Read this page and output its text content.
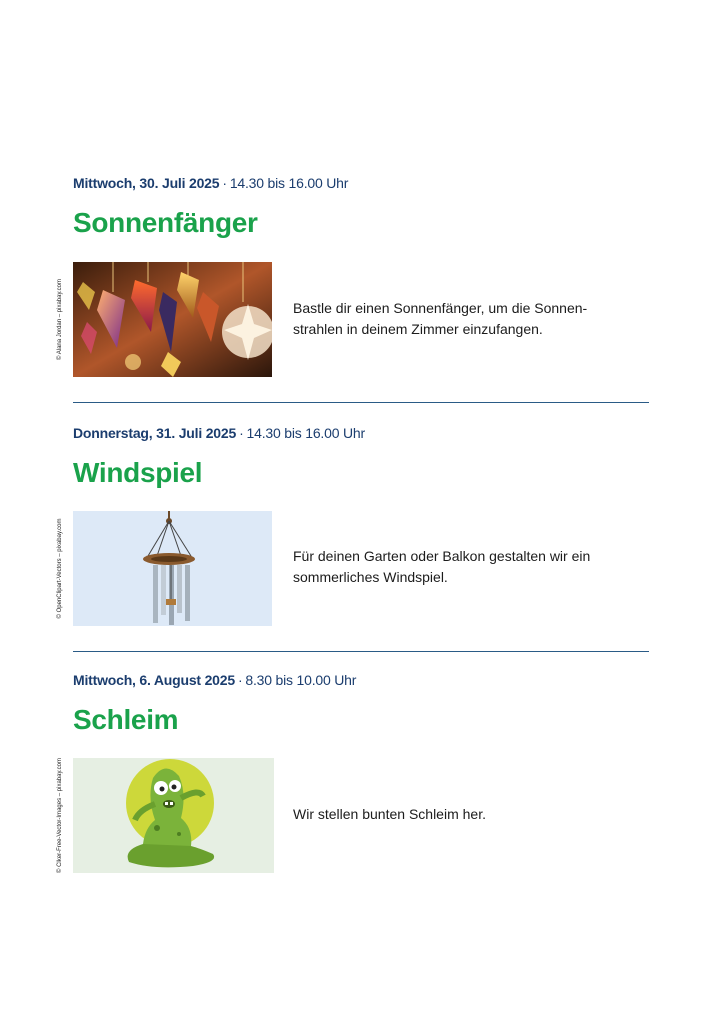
Mittwoch, 30. Juli 2025 · 14.30 bis 16.00 Uhr
Sonnenfänger
© Alana Jordan – pixabay.com	Bastle dir einen Sonnenfänger, um die Sonnen- strahlen in deinem Zimmer einzufangen.
Donnerstag, 31. Juli 2025 · 14.30 bis 16.00 Uhr
Windspiel
© OpenClipart-Vectors – pixabay.com	Für deinen Garten oder Balkon gestalten wir ein sommerliches Windspiel.
Mittwoch, 6. August 2025 · 8.30 bis 10.00 Uhr
Schleim
© Clker-Free-Vector-Images – pixabay.com	Wir stellen bunten Schleim her.
